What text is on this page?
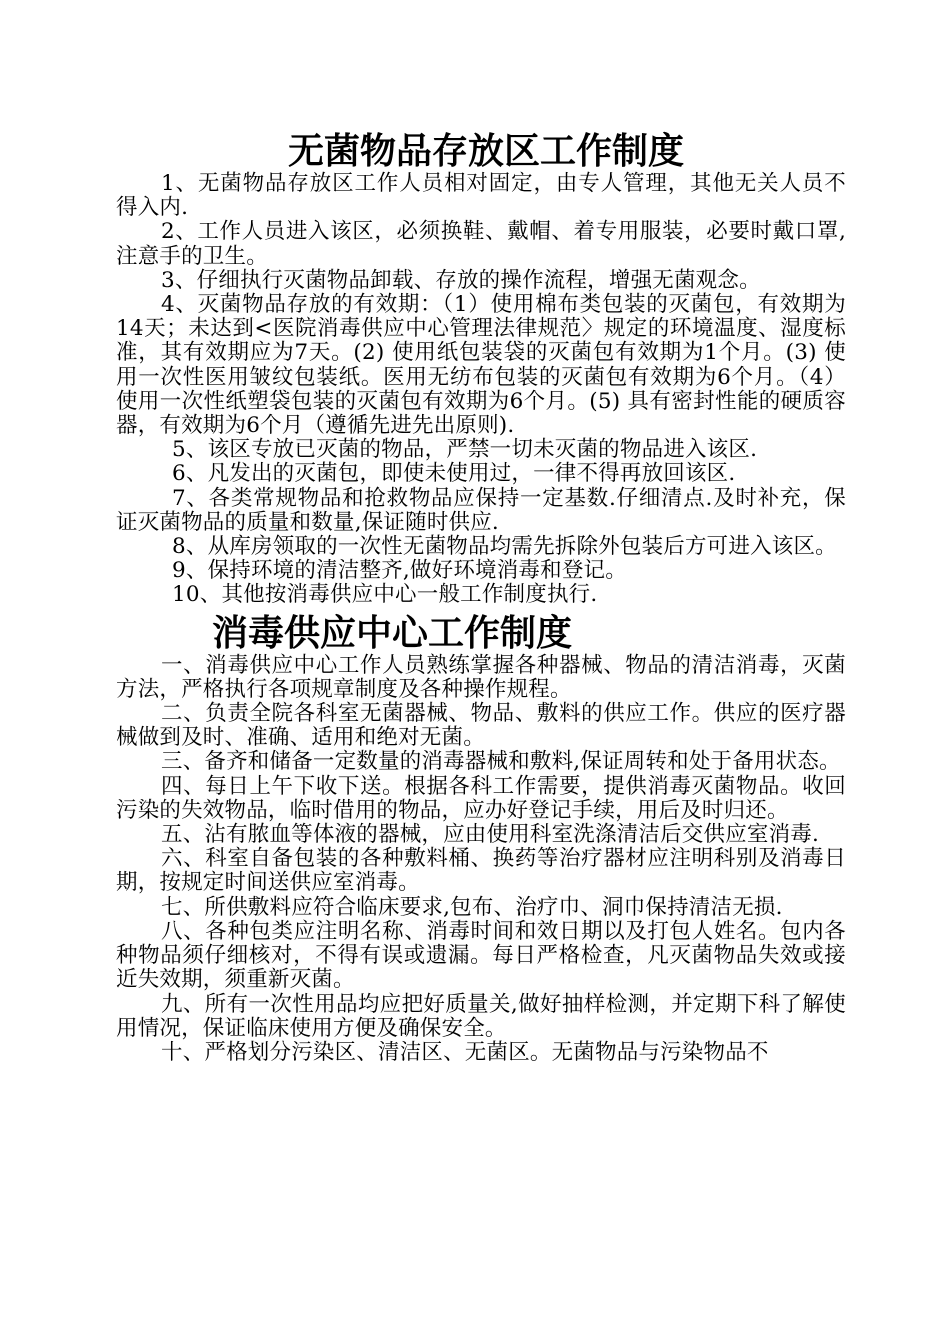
无菌物品存放区工作制度

1、无菌物品存放区工作人员相对固定，由专人管理，其他无关人员不得入内.

2、工作人员进入该区，必须换鞋、戴帽、着专用服装，必要时戴口罩,注意手的卫生。

3、仔细执行灭菌物品卸载、存放的操作流程，增强无菌观念。

4、灭菌物品存放的有效期：（1）使用棉布类包装的灭菌包，有效期为14天；未达到<医院消毒供应中心管理法律规范〉规定的环境温度、湿度标准，其有效期应为7天。(2) 使用纸包装袋的灭菌包有效期为1个月。(3) 使用一次性医用皱纹包装纸。医用无纺布包装的灭菌包有效期为6个月。（4）使用一次性纸塑袋包装的灭菌包有效期为6个月。(5) 具有密封性能的硬质容器，有效期为6个月（遵循先进先出原则).

5、该区专放已灭菌的物品，严禁一切未灭菌的物品进入该区.

6、凡发出的灭菌包，即使未使用过，一律不得再放回该区.

7、各类常规物品和抢救物品应保持一定基数.仔细清点.及时补充，保证灭菌物品的质量和数量,保证随时供应.

8、从库房领取的一次性无菌物品均需先拆除外包装后方可进入该区。

9、保持环境的清洁整齐,做好环境消毒和登记。

10、其他按消毒供应中心一般工作制度执行.

消毒供应中心工作制度

一、消毒供应中心工作人员熟练掌握各种器械、物品的清洁消毒，灭菌方法，严格执行各项规章制度及各种操作规程。

二、负责全院各科室无菌器械、物品、敷料的供应工作。供应的医疗器械做到及时、准确、适用和绝对无菌。

三、备齐和储备一定数量的消毒器械和敷料,保证周转和处于备用状态。

四、每日上午下收下送。根据各科工作需要，提供消毒灭菌物品。收回污染的失效物品，临时借用的物品，应办好登记手续，用后及时归还。

五、沾有脓血等体液的器械，应由使用科室洗涤清洁后交供应室消毒.

六、科室自备包装的各种敷料桶、换药等治疗器材应注明科别及消毒日期，按规定时间送供应室消毒。

七、所供敷料应符合临床要求,包布、治疗巾、洞巾保持清洁无损.

八、各种包类应注明名称、消毒时间和效日期以及打包人姓名。包内各种物品须仔细核对，不得有误或遗漏。每日严格检查，凡灭菌物品失效或接近失效期，须重新灭菌。

九、所有一次性用品均应把好质量关,做好抽样检测，并定期下科了解使用情况，保证临床使用方便及确保安全。

十、严格划分污染区、清洁区、无菌区。无菌物品与污染物品不
